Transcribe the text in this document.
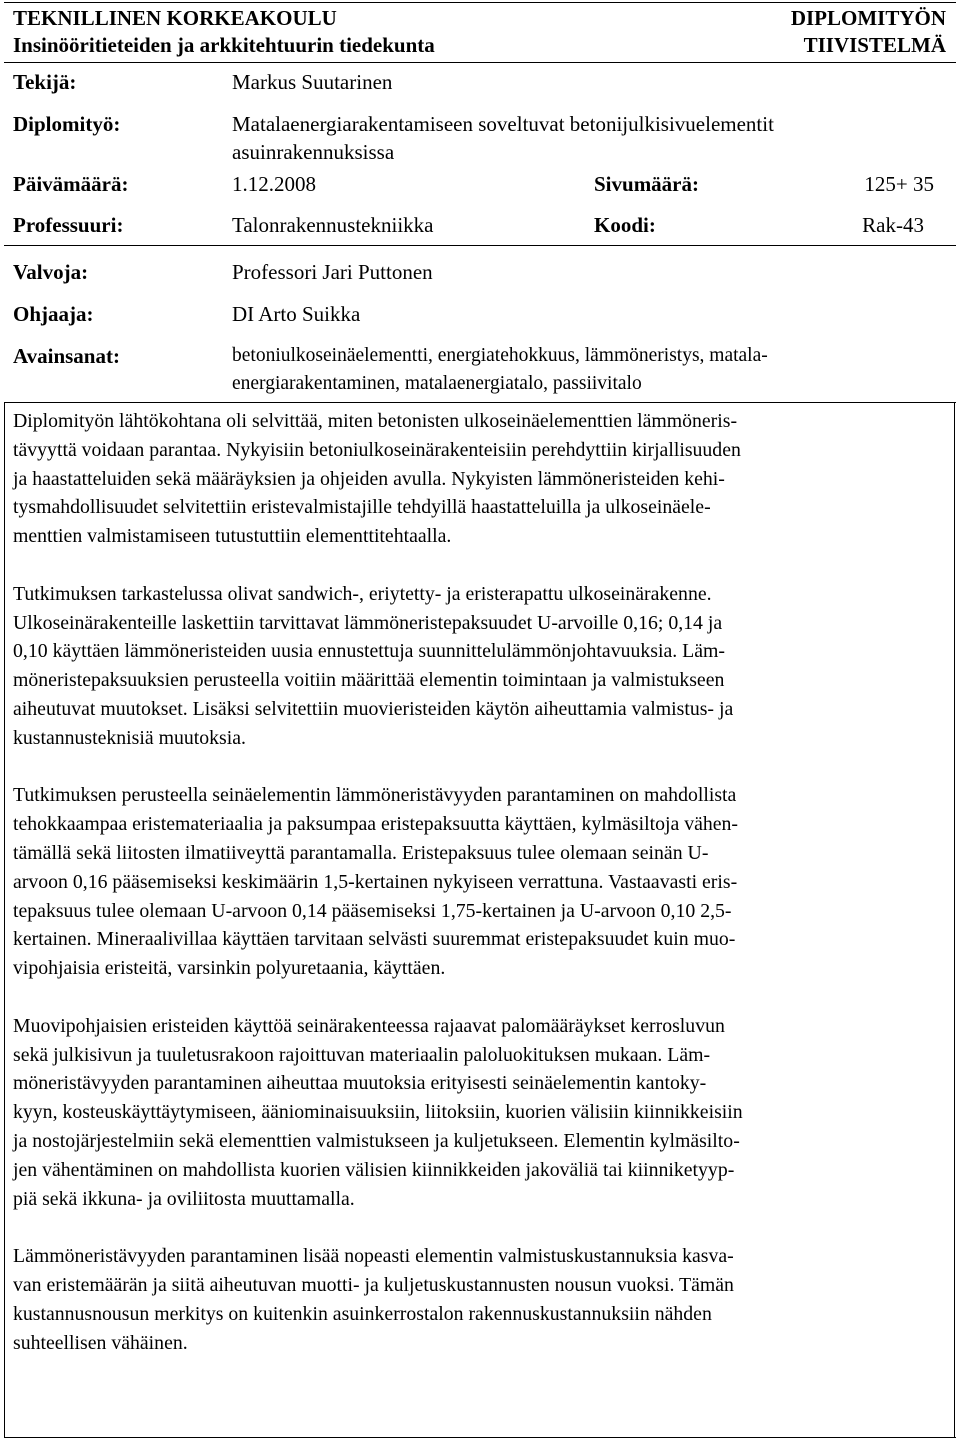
TEKNILLINEN KORKEAKOULU
Insinööritieteiden ja arkkitehtuurin tiedekunta
DIPLOMITYÖN
TIIVISTELMÄ
Tekijä:	Markus Suutarinen
Diplomityö:	Matalaenergiarakentamiseen soveltuvat betonijulkisivuelementit
asuinrakennuksissa
Päivämäärä:	1.12.2008	Sivumäärä:	125+ 35
Professuuri:	Talonrakennustekniikka	Koodi:	Rak-43
Valvoja:	Professori Jari Puttonen
Ohjaaja:	DI Arto Suikka
Avainsanat:	betoniulkoseinäelementti, energiatehokkuus, lämmöneristys, matala-
energiarakentaminen, matalaenergiatalo, passiivitalo

Diplomityön lähtökohtana oli selvittää, miten betonisten ulkoseinäelementtien lämmöneris-
tävyyttä voidaan parantaa. Nykyisiin betoniulkoseinärakenteisiin perehdyttiin kirjallisuuden
ja haastatteluiden sekä määräyksien ja ohjeiden avulla. Nykyisten lämmöneristeiden kehi-
tysmahdollisuudet selvitettiin eristevalmistajille tehdyillä haastatteluilla ja ulkoseinäele-
menttien valmistamiseen tutustuttiin elementtitehtaalla.

Tutkimuksen tarkastelussa olivat sandwich-, eriytetty- ja eristerapattu ulkoseinärakenne.
Ulkoseinärakenteille laskettiin tarvittavat lämmöneristepaksuudet U-arvoille 0,16; 0,14 ja
0,10 käyttäen lämmöneristeiden uusia ennustettuja suunnittelulämmönjohtavuuksia. Läm-
möneristepaksuuksien perusteella voitiin määrittää elementin toimintaan ja valmistukseen
aiheutuvat muutokset. Lisäksi selvitettiin muovieristeiden käytön aiheuttamia valmistus- ja
kustannusteknisiä muutoksia.

Tutkimuksen perusteella seinäelementin lämmöneristävyyden parantaminen on mahdollista
tehokkaampaa eristemateriaalia ja paksumpaa eristepaksuutta käyttäen, kylmäsiltoja vähen-
tämällä sekä liitosten ilmatiiveyttä parantamalla. Eristepaksuus tulee olemaan seinän U-
arvoon 0,16 pääsemiseksi keskimäärin 1,5-kertainen nykyiseen verrattuna. Vastaavasti eris-
tepaksuus tulee olemaan U-arvoon 0,14 pääsemiseksi 1,75-kertainen ja U-arvoon 0,10 2,5-
kertainen. Mineraalivillaa käyttäen tarvitaan selvästi suuremmat eristepaksuudet kuin muo-
vipohjaisia eristeitä, varsinkin polyuretaania, käyttäen.

Muovipohjaisien eristeiden käyttöä seinärakenteessa rajaavat palomääräykset kerrosluvun
sekä julkisivun ja tuuletusrakoon rajoittuvan materiaalin paloluokituksen mukaan. Läm-
möneristävyyden parantaminen aiheuttaa muutoksia erityisesti seinäelementin kantoky-
kyyn, kosteuskäyttäytymiseen, ääniominaisuuksiin, liitoksiin, kuorien välisiin kiinnikkeisiin
ja nostojärjestelmiin sekä elementtien valmistukseen ja kuljetukseen. Elementin kylmäsilto-
jen vähentäminen on mahdollista kuorien välisien kiinnikkeiden jakoväliä tai kiinniketyyp-
piä sekä ikkuna- ja oviliitosta muuttamalla.

Lämmöneristävyyden parantaminen lisää nopeasti elementin valmistuskustannuksia kasva-
van eristemäärän ja siitä aiheutuvan muotti- ja kuljetuskustannusten nousun vuoksi. Tämän
kustannusnousun merkitys on kuitenkin asuinkerrostalon rakennuskustannuksiin nähden
suhteellisen vähäinen.
